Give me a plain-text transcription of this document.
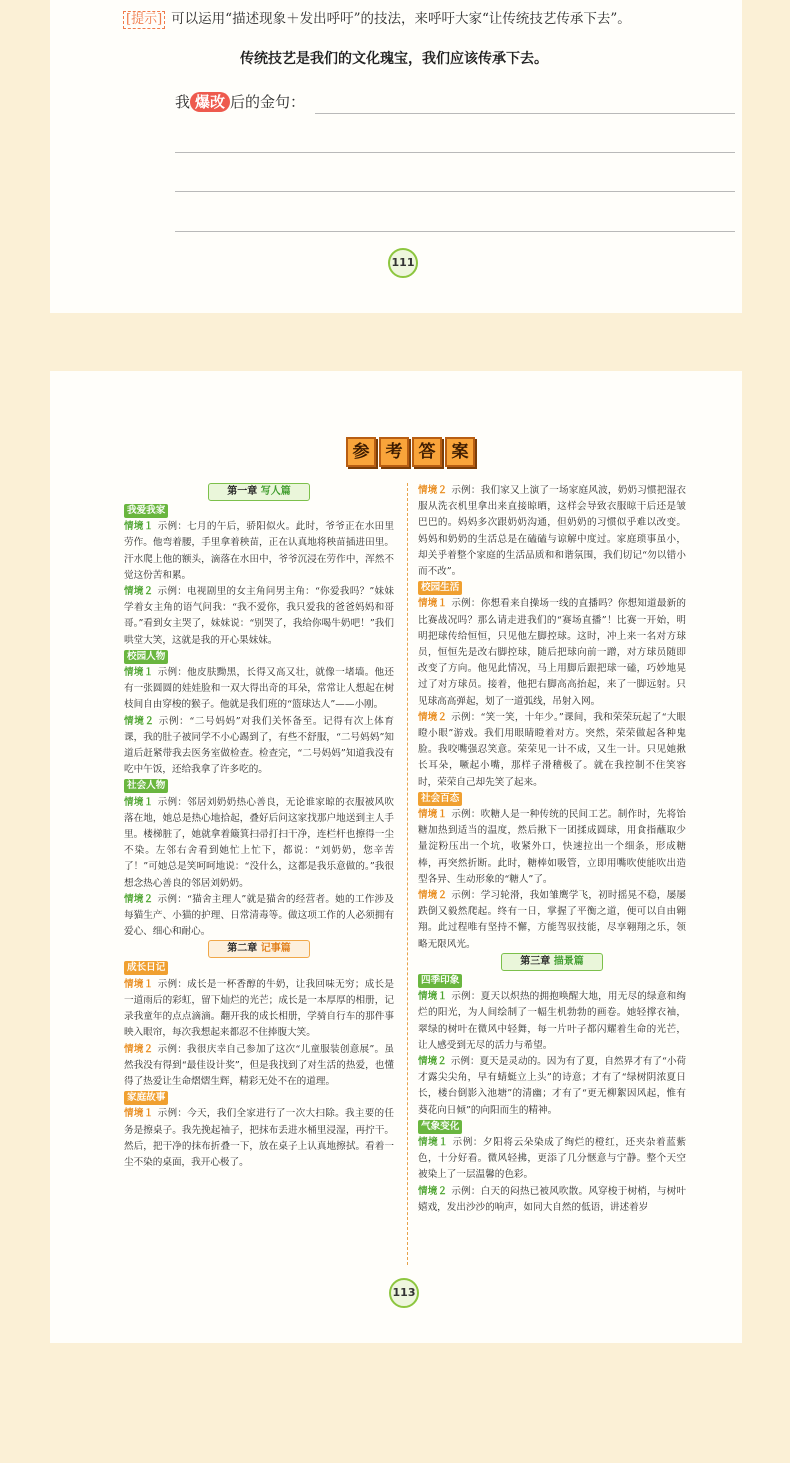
[提示] 可以运用“描述现象＋发出呼吁”的技法，来呼吁大家“让传统技艺传承下去”。
传统技艺是我们的文化瑰宝，我们应该传承下去。
我 爆改 后的金句：
111
参 考 答 案
第一章 写人篇
我爱我家

情境１ 示例：七月的午后，骄阳似火。此时，爷爷正在水田里劳作。他弯着腰，手里拿着秧苗，正在认真地将秧苗插进田里。汗水爬上他的额头，滴落在水田中，爷爷沉浸在劳作中，浑然不觉这份苦和累。

情境２ 示例：电视剧里的女主角问男主角：“你爱我吗？”妹妹学着女主角的语气问我：“我不爱你，我只爱我的爸爸妈妈和哥哥。”看到女主哭了，妹妹说：“别哭了，我给你喝牛奶吧！”我们哄堂大笑，这就是我的开心果妹妹。

校园人物

情境１ 示例：他皮肤黝黑，长得又高又壮，就像一堵墙。他还有一张圆圆的娃娃脸和一双大得出奇的耳朵，常常让人想起在树枝间自由穿梭的猴子。他就是我们班的“篮球达人”——小刚。

情境２ 示例：“二号妈妈”对我们关怀备至。记得有次上体育课，我的肚子被同学不小心踢到了，有些不舒服，“二号妈妈”知道后赶紧带我去医务室做检查。检查完，“二号妈妈”知道我没有吃中午饭，还给我拿了许多吃的。

社会人物

情境１ 示例：邻居刘奶奶热心善良，无论谁家晾的衣服被风吹落在地，她总是热心地拾起，叠好后问这家找那户地送到主人手里。楼梯脏了，她就拿着簸箕扫帚打扫干净，连栏杆也擦得一尘不染。左邻右舍看到她忙上忙下，都说：“刘奶奶，您辛苦了！”可她总是笑呵呵地说：“没什么，这都是我乐意做的。”我很想念热心善良的邻居刘奶奶。

情境２ 示例：“猫舍主理人”就是猫舍的经营者。她的工作涉及每猫生产、小猫的护理、日常清毒等。做这项工作的人必须拥有爱心、细心和耐心。

第二章 记事篇
成长日记

情境１ 示例：成长是一杯香醇的牛奶，让我回味无穷；成长是一道雨后的彩虹，留下灿烂的光芒；成长是一本厚厚的相册，记录我童年的点点滴滴。翻开我的成长相册，学骑自行车的那件事映入眼帘，每次我想起来都忍不住捧腹大笑。

情境２ 示例：我很庆幸自己参加了这次“儿童服装创意展”。虽然我没有得到“最佳设计奖”，但是我找到了对生活的热爱，也懂得了热爱让生命熠熠生辉，精彩无处不在的道理。

家庭故事

情境１ 示例：今天，我们全家进行了一次大扫除。我主要的任务是擦桌子。我先挽起袖子，把抹布丢进水桶里浸湿，再拧干。然后，把干净的抹布折叠一下，放在桌子上认真地擦拭。看着一尘不染的桌面，我开心极了。

情境２ 示例：我们家又上演了一场家庭风波，奶奶习惯把湿衣服从洗衣机里拿出来直接晾晒，这样会导致衣服晾干后还是皱巴巴的。妈妈多次跟奶奶沟通，但奶奶的习惯似乎难以改变。妈妈和奶奶的生活总是在磕磕与谅解中度过。家庭琐事虽小，却关乎着整个家庭的生活品质和和谐氛围，我们切记“勿以错小而不改”。

校园生活

情境１ 示例：你想看来自操场一线的直播吗？你想知道最新的比赛战况吗？那么请走进我们的“赛场直播”！比赛一开始，明明把球传给恒恒，只见他左脚控球。这时，冲上来一名对方球员，恒恒先是改右脚控球，随后把球向前一蹭，对方球员随即改变了方向。他见此情况，马上用脚后跟把球一磕，巧妙地晃过了对方球员。接着，他把右脚高高抬起，来了一脚远射。只见球高高弹起，划了一道弧线，吊射入网。

情境２ 示例：“笑一笑，十年少。”课间，我和荣荣玩起了“大眼瞪小眼”游戏。我们用眼睛瞪着对方。突然，荣荣做起各种鬼脸。我咬嘴强忍笑意。荣荣见一计不成，又生一计。只见她揪长耳朵，噘起小嘴，那样子滑稽极了。就在我控制不住笑容时，荣荣自己却先笑了起来。

社会百态

情境１ 示例：吹糖人是一种传统的民间工艺。制作时，先将饴糖加热到适当的温度，然后揪下一团揉成圆球，用食指蘸取少量淀粉压出一个坑，收紧外口，快速拉出一个细条，形成糖棒，再突然折断。此时，糖棒如吸管，立即用嘴吹使能吹出造型各异、生动形象的“糖人”了。

情境２ 示例：学习轮滑，我如雏鹰学飞，初时摇晃不稳，屡屡跌倒又毅然爬起。终有一日，掌握了平衡之道，便可以自由翱翔。此过程唯有坚持不懈，方能驾驭技能，尽享翱翔之乐，领略无限风光。

第三章 描景篇
四季印象

情境１ 示例：夏天以炽热的拥抱唤醒大地，用无尽的绿意和绚烂的阳光，为人间绘制了一幅生机勃勃的画卷。她轻撑衣袖，翠绿的树叶在微风中轻舞，每一片叶子都闪耀着生命的光芒，让人感受到无尽的活力与希望。

情境２ 示例：夏天是灵动的。因为有了夏，自然界才有了“小荷才露尖尖角，早有蜻蜓立上头”的诗意；才有了“绿树阴浓夏日长，楼台倒影入池塘”的清幽；才有了“更无柳絮因风起，惟有葵花向日倾”的向阳而生的精神。

气象变化

情境１ 示例：夕阳将云朵染成了绚烂的橙红，还夹杂着蓝紫色，十分好看。微风轻拂，更添了几分惬意与宁静。整个天空被染上了一层温馨的色彩。

情境２ 示例：白天的闷热已被风吹散。风穿梭于树梢，与树叶嬉戏，发出沙沙的响声，如同大自然的低语，讲述着岁

113
